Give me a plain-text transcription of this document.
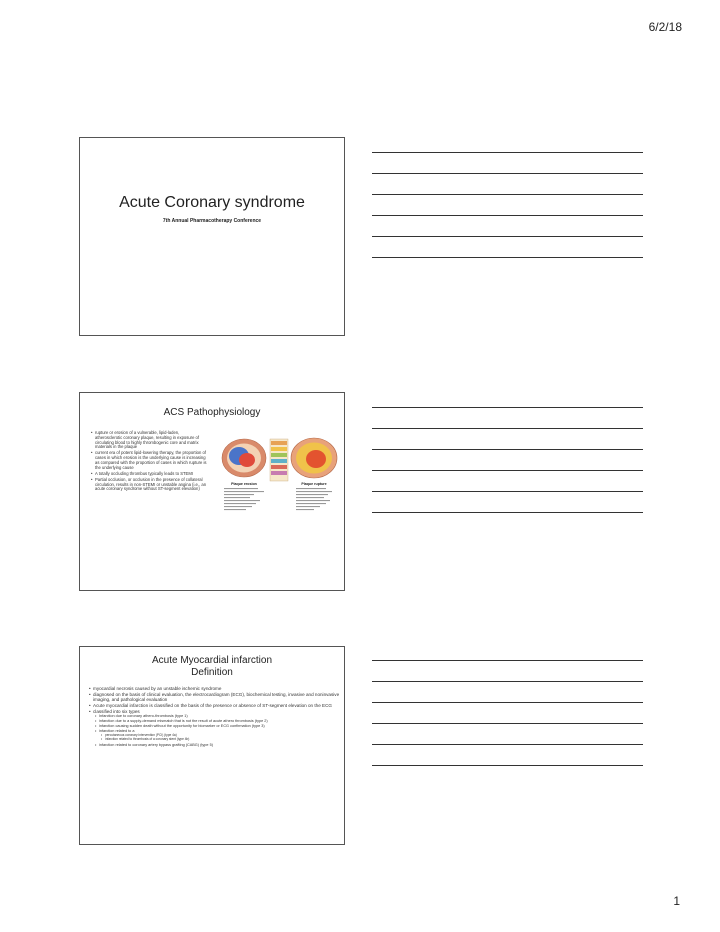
6/2/18
Acute Coronary syndrome
7th Annual Pharmacotherapy Conference
ACS Pathophysiology
• rupture or erosion of a vulnerable, lipid-laden, atherosclerotic coronary plaque, resulting in exposure of circulating blood to highly thrombogenic core and matrix materials in the plaque
• current era of potent lipid-lowering therapy, the proportion of cases in which erosion is the underlying cause is increasing as compared with the proportion of cases in which rupture is the underlying cause
• A totally occluding thrombus typically leads to STEMI
• Partial occlusion, or occlusion in the presence of collateral circulation, results in non-STEMI or unstable angina (i.e., an acute coronary syndrome without ST-segment elevation)
Plaque erosion	Plaque rupture
Acute Myocardial infarction
Definition
• myocardial necrosis caused by an unstable ischemic syndrome
• diagnosed on the basis of clinical evaluation, the electrocardiogram (ECG), biochemical testing, invasive and noninvasive imaging, and pathological evaluation
• Acute myocardial infarction is classified on the basis of the presence or absence of ST-segment elevation on the ECG
• classified into six types
• Infarction due to coronary athero-thrombosis (type 1)
• infarction due to a supply-demand mismatch that is not the result of acute athero thrombosis (type 2)
• infarction causing sudden death without the opportunity for biomarker or ECG confirmation (type 3)
• infarction related to a
• percutaneous coronary intervention (PCI) (type 4a)
• infarction related to thrombosis of a coronary stent (type 4b)
• infarction related to coronary artery bypass grafting (CABG) (type 5)
1
